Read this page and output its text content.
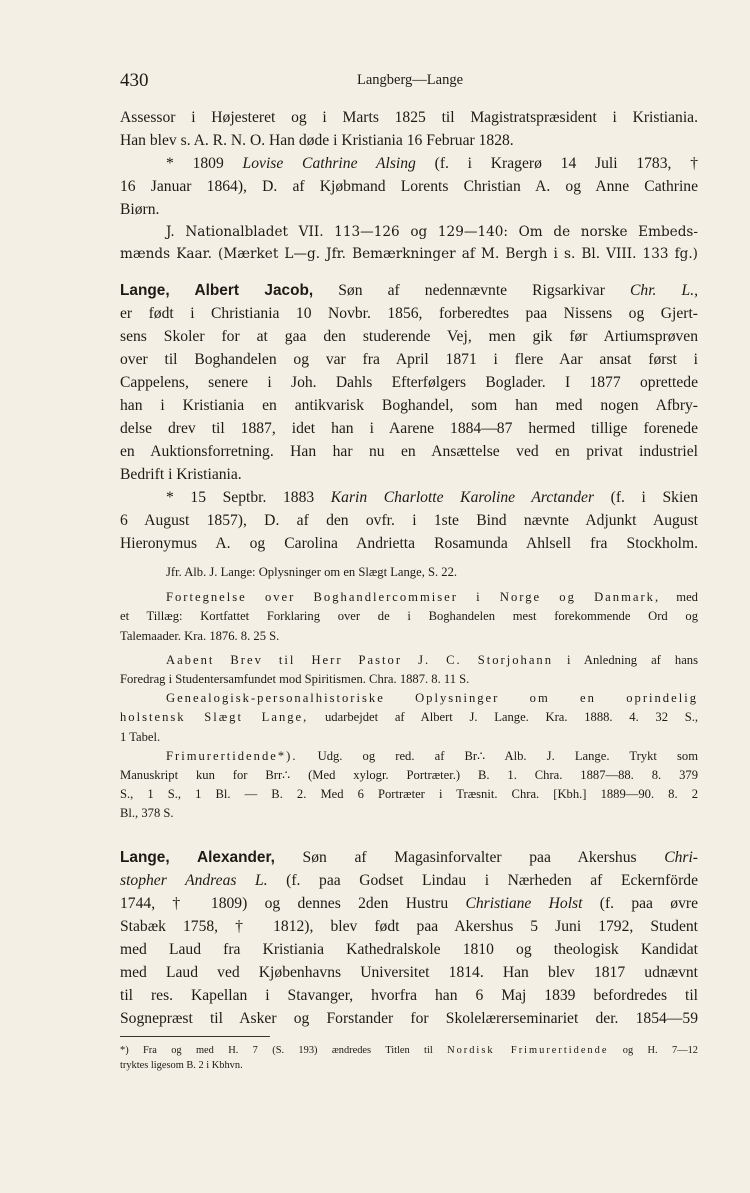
430	Langberg—Lange
Assessor i Højesteret og i Marts 1825 til Magistratspræsident i Kristiania.
Han blev s. A. R. N. O. Han døde i Kristiania 16 Februar 1828.
* 1809 Lovise Cathrine Alsing (f. i Kragerø 14 Juli 1783, †
16 Januar 1864), D. af Kjøbmand Lorents Christian A. og Anne Cathrine
Biørn.
J. Nationalbladet VII. 113—126 og 129—140: Om de norske Embeds-
mænds Kaar. (Mærket L—g. Jfr. Bemærkninger af M. Bergh i s. Bl. VIII. 133 fg.)
Lange, Albert Jacob, Søn af nedennævnte Rigsarkivar Chr. L.,
er født i Christiania 10 Novbr. 1856, forberedtes paa Nissens og Gjert-
sens Skoler for at gaa den studerende Vej, men gik før Artiumsprøven
over til Boghandelen og var fra April 1871 i flere Aar ansat først i
Cappelens, senere i Joh. Dahls Efterfølgers Boglader. I 1877 oprettede
han i Kristiania en antikvarisk Boghandel, som han med nogen Afbry-
delse drev til 1887, idet han i Aarene 1884—87 hermed tillige forenede
en Auktionsforretning. Han har nu en Ansættelse ved en privat industriel
Bedrift i Kristiania.
* 15 Septbr. 1883 Karin Charlotte Karoline Arctander (f. i Skien
6 August 1857), D. af den ovfr. i 1ste Bind nævnte Adjunkt August
Hieronymus A. og Carolina Andrietta Rosamunda Ahlsell fra Stockholm.
Jfr. Alb. J. Lange: Oplysninger om en Slægt Lange, S. 22.
Fortegnelse over Boghandlercommiser i Norge og Danmark, med
et Tillæg: Kortfattet Forklaring over de i Boghandelen mest forekommende Ord og
Talemaader. Kra. 1876. 8. 25 S.
Aabent Brev til Herr Pastor J. C. Storjohann i Anledning af hans
Foredrag i Studentersamfundet mod Spiritismen. Chra. 1887. 8. 11 S.
Genealogisk-personalhistoriske Oplysninger om en oprindelig
holstensk Slægt Lange, udarbejdet af Albert J. Lange. Kra. 1888. 4. 32 S.,
1 Tabel.
Frimurertidende*). Udg. og red. af Br∴ Alb. J. Lange. Trykt som
Manuskript kun for Brr∴ (Med xylogr. Portræter.) B. 1. Chra. 1887—88. 8. 379
S., 1 S., 1 Bl. — B. 2. Med 6 Portræter i Træsnit. Chra. [Kbh.] 1889—90. 8. 2
Bl., 378 S.
Lange, Alexander, Søn af Magasinforvalter paa Akershus Chri-
stopher Andreas L. (f. paa Godset Lindau i Nærheden af Eckernförde
1744, † 1809) og dennes 2den Hustru Christiane Holst (f. paa øvre
Stabæk 1758, † 1812), blev født paa Akershus 5 Juni 1792, Student
med Laud fra Kristiania Kathedralskole 1810 og theologisk Kandidat
med Laud ved Kjøbenhavns Universitet 1814. Han blev 1817 udnævnt
til res. Kapellan i Stavanger, hvorfra han 6 Maj 1839 befordredes til
Sognepræst til Asker og Forstander for Skolelærerseminariet der. 1854—59
*) Fra og med H. 7 (S. 193) ændredes Titlen til Nordisk Frimurertidende og H. 7—12
tryktes ligesom B. 2 i Kbhvn.
